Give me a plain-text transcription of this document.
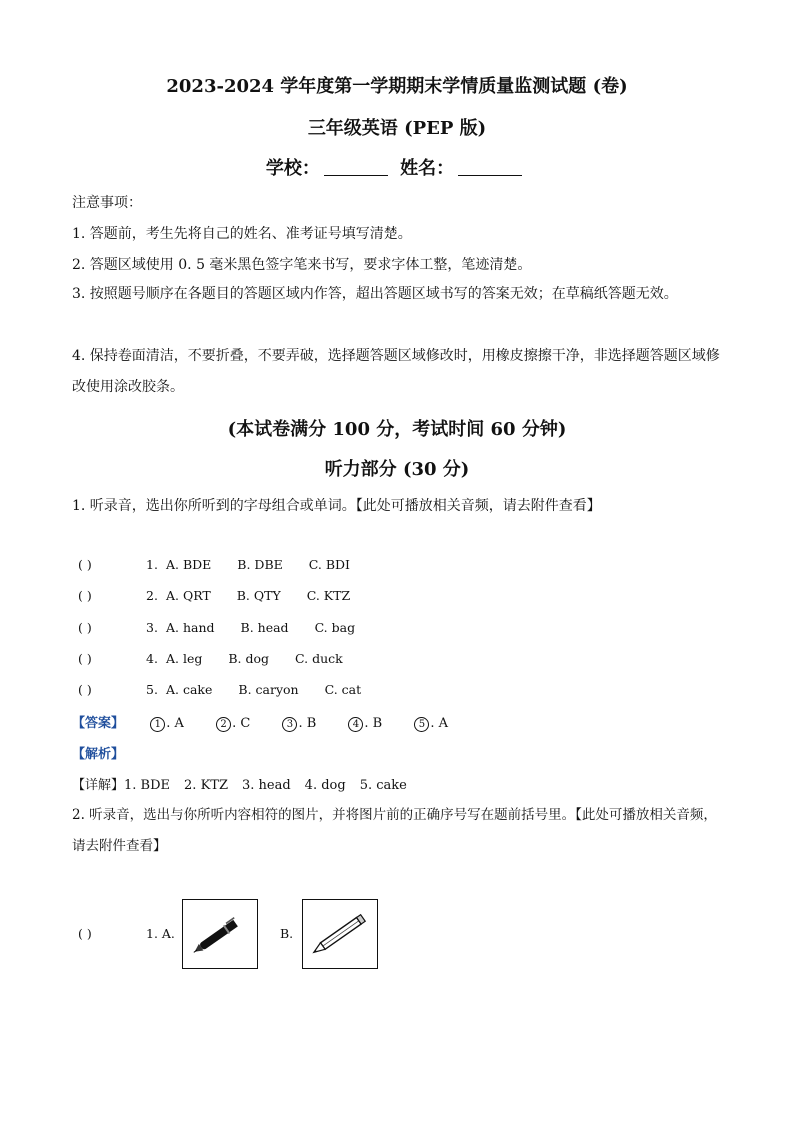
2023-2024 学年度第一学期期末学情质量监测试题 (卷)
三年级英语 (PEP 版)
学校：	姓名：
注意事项：
1. 答题前，考生先将自己的姓名、准考证号填写清楚。
2. 答题区域使用 0. 5 毫米黑色签字笔来书写，要求字体工整，笔迹清楚。
3. 按照题号顺序在各题目的答题区域内作答，超出答题区域书写的答案无效；在草稿纸答题无效。
4. 保持卷面清洁，不要折叠，不要弄破，选择题答题区域修改时，用橡皮擦擦干净，非选择题答题区域修改使用涂改胶条。
(本试卷满分 100 分，考试时间 60 分钟)
听力部分 (30 分)
1. 听录音，选出你所听到的字母组合或单词。【此处可播放相关音频，请去附件查看】
( )	1. A. BDE B. DBE C. BDI
( )	2. A. QRT B. QTY C. KTZ
( )	3. A. hand B. head C. bag
( )	4. A. leg B. dog C. duck
( )	5. A. cake B. caryon C. cat
【答案】	1 . A	2 . C	3 . B	4 . B	5 . A
【解析】
【详解】1. BDE 2. KTZ 3. head 4. dog 5. cake
2. 听录音，选出与你所听内容相符的图片，并将图片前的正确序号写在题前括号里。【此处可播放相关音频，请去附件查看】
( )	1. A.	B.
